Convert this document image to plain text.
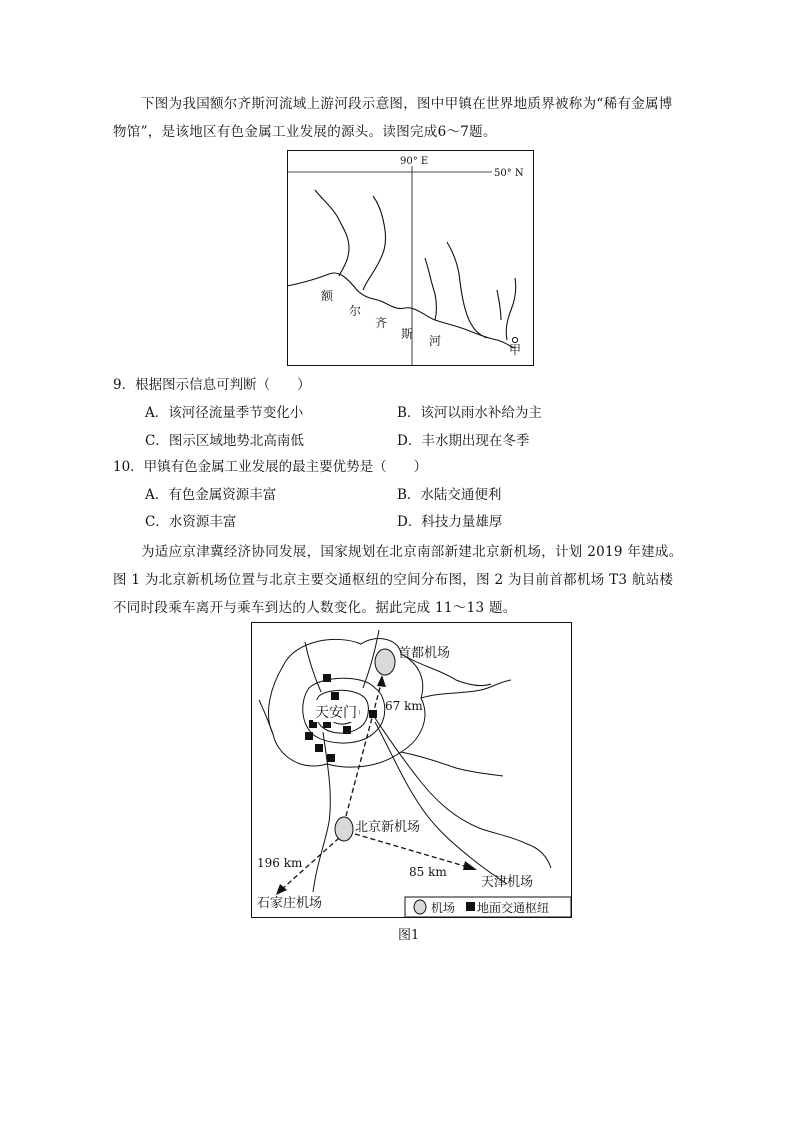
下图为我国额尔齐斯河流域上游河段示意图，图中甲镇在世界地质界被称为“稀有金属博物馆”，是该地区有色金属工业发展的源头。读图完成6～7题。

90° E
50° N
额
尔
齐
斯 河
甲
9．根据图示信息可判断（　　）
A．该河径流量季节变化小	B．该河以雨水补给为主
C．图示区域地势北高南低	D．丰水期出现在冬季
10．甲镇有色金属工业发展的最主要优势是（　　）
A．有色金属资源丰富	B．水陆交通便利
C．水资源丰富	D．科技力量雄厚

为适应京津冀经济协同发展，国家规划在北京南部新建北京新机场，计划 2019 年建成。图 1 为北京新机场位置与北京主要交通枢纽的空间分布图，图 2 为目前首都机场 T3 航站楼不同时段乘车离开与乘车到达的人数变化。据此完成 11～13 题。

天安门
首都机场
北京新机场
67 km
196 km
石家庄机场
85 km
天津机场
机场 地面交通枢纽
图1
